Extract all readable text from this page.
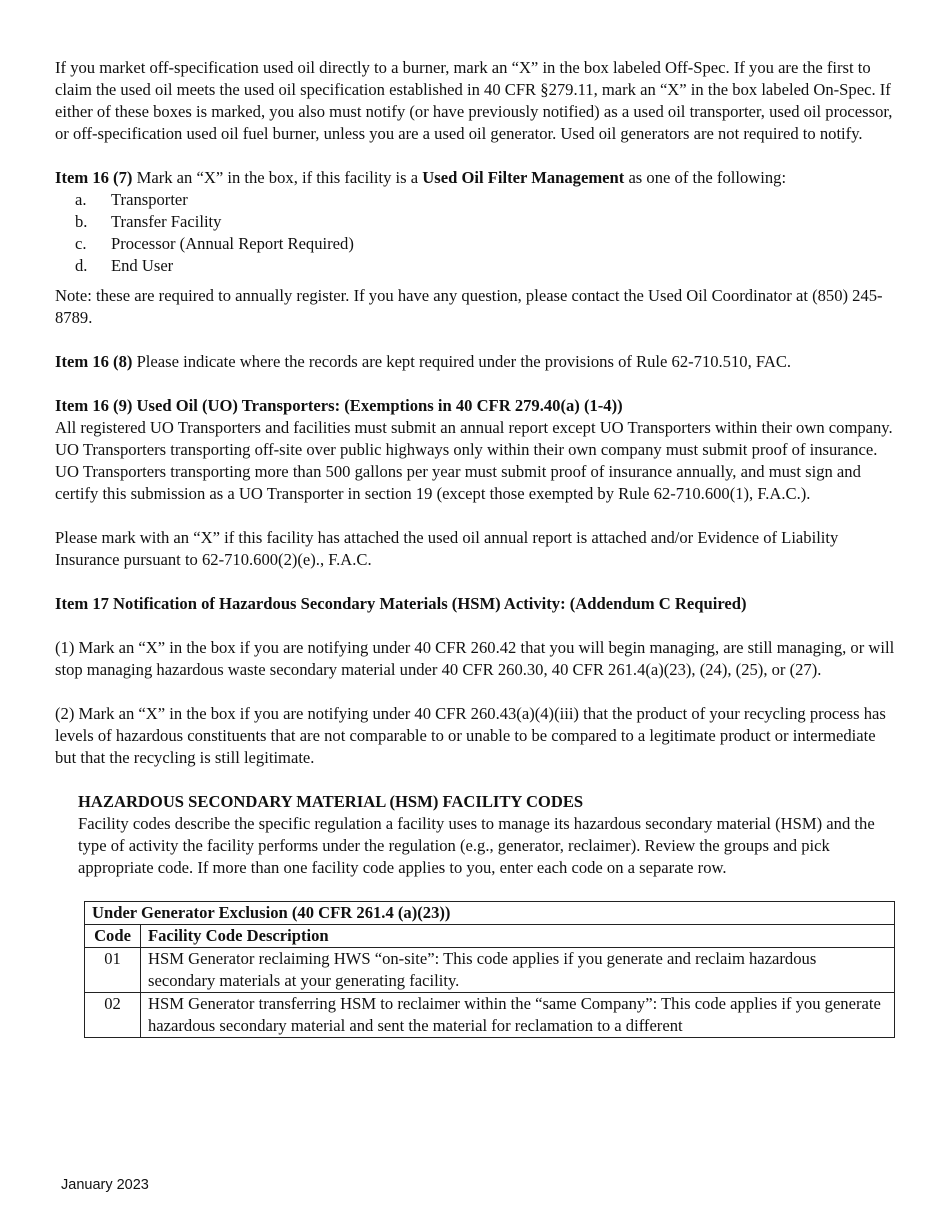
If you market off-specification used oil directly to a burner, mark an “X” in the box labeled Off-Spec. If you are the first to claim the used oil meets the used oil specification established in 40 CFR §279.11, mark an “X” in the box labeled On-Spec. If either of these boxes is marked, you also must notify (or have previously notified) as a used oil transporter, used oil processor, or off-specification used oil fuel burner, unless you are a used oil generator. Used oil generators are not required to notify.

Item 16 (7) Mark an “X” in the box, if this facility is a Used Oil Filter Management as one of the following:

a.	Transporter
b.	Transfer Facility
c.	Processor (Annual Report Required)
d.	End User

Note: these are required to annually register. If you have any question, please contact the Used Oil Coordinator at (850) 245-8789.

Item 16 (8) Please indicate where the records are kept required under the provisions of Rule 62-710.510, FAC.

Item 16 (9) Used Oil (UO) Transporters: (Exemptions in 40 CFR 279.40(a) (1-4))

All registered UO Transporters and facilities must submit an annual report except UO Transporters within their own company. UO Transporters transporting off-site over public highways only within their own company must submit proof of insurance. UO Transporters transporting more than 500 gallons per year must submit proof of insurance annually, and must sign and certify this submission as a UO Transporter in section 19 (except those exempted by Rule 62-710.600(1), F.A.C.).

Please mark with an “X” if this facility has attached the used oil annual report is attached and/or Evidence of Liability Insurance pursuant to 62-710.600(2)(e)., F.A.C.

Item 17 Notification of Hazardous Secondary Materials (HSM) Activity: (Addendum C Required)

(1) Mark an “X” in the box if you are notifying under 40 CFR 260.42 that you will begin managing, are still managing, or will stop managing hazardous waste secondary material under 40 CFR 260.30, 40 CFR 261.4(a)(23), (24), (25), or (27).

(2) Mark an “X” in the box if you are notifying under 40 CFR 260.43(a)(4)(iii) that the product of your recycling process has levels of hazardous constituents that are not comparable to or unable to be compared to a legitimate product or intermediate but that the recycling is still legitimate.

HAZARDOUS SECONDARY MATERIAL (HSM) FACILITY CODES

Facility codes describe the specific regulation a facility uses to manage its hazardous secondary material (HSM) and the type of activity the facility performs under the regulation (e.g., generator, reclaimer). Review the groups and pick appropriate code. If more than one facility code applies to you, enter each code on a separate row.

Under Generator Exclusion (40 CFR 261.4 (a)(23))	
Code	Facility Code Description
01	HSM Generator reclaiming HWS “on-site”: This code applies if you generate and reclaim hazardous secondary materials at your generating facility.
02	HSM Generator transferring HSM to reclaimer within the “same Company”: This code applies if you generate hazardous secondary material and sent the material for reclamation to a different
January 2023
